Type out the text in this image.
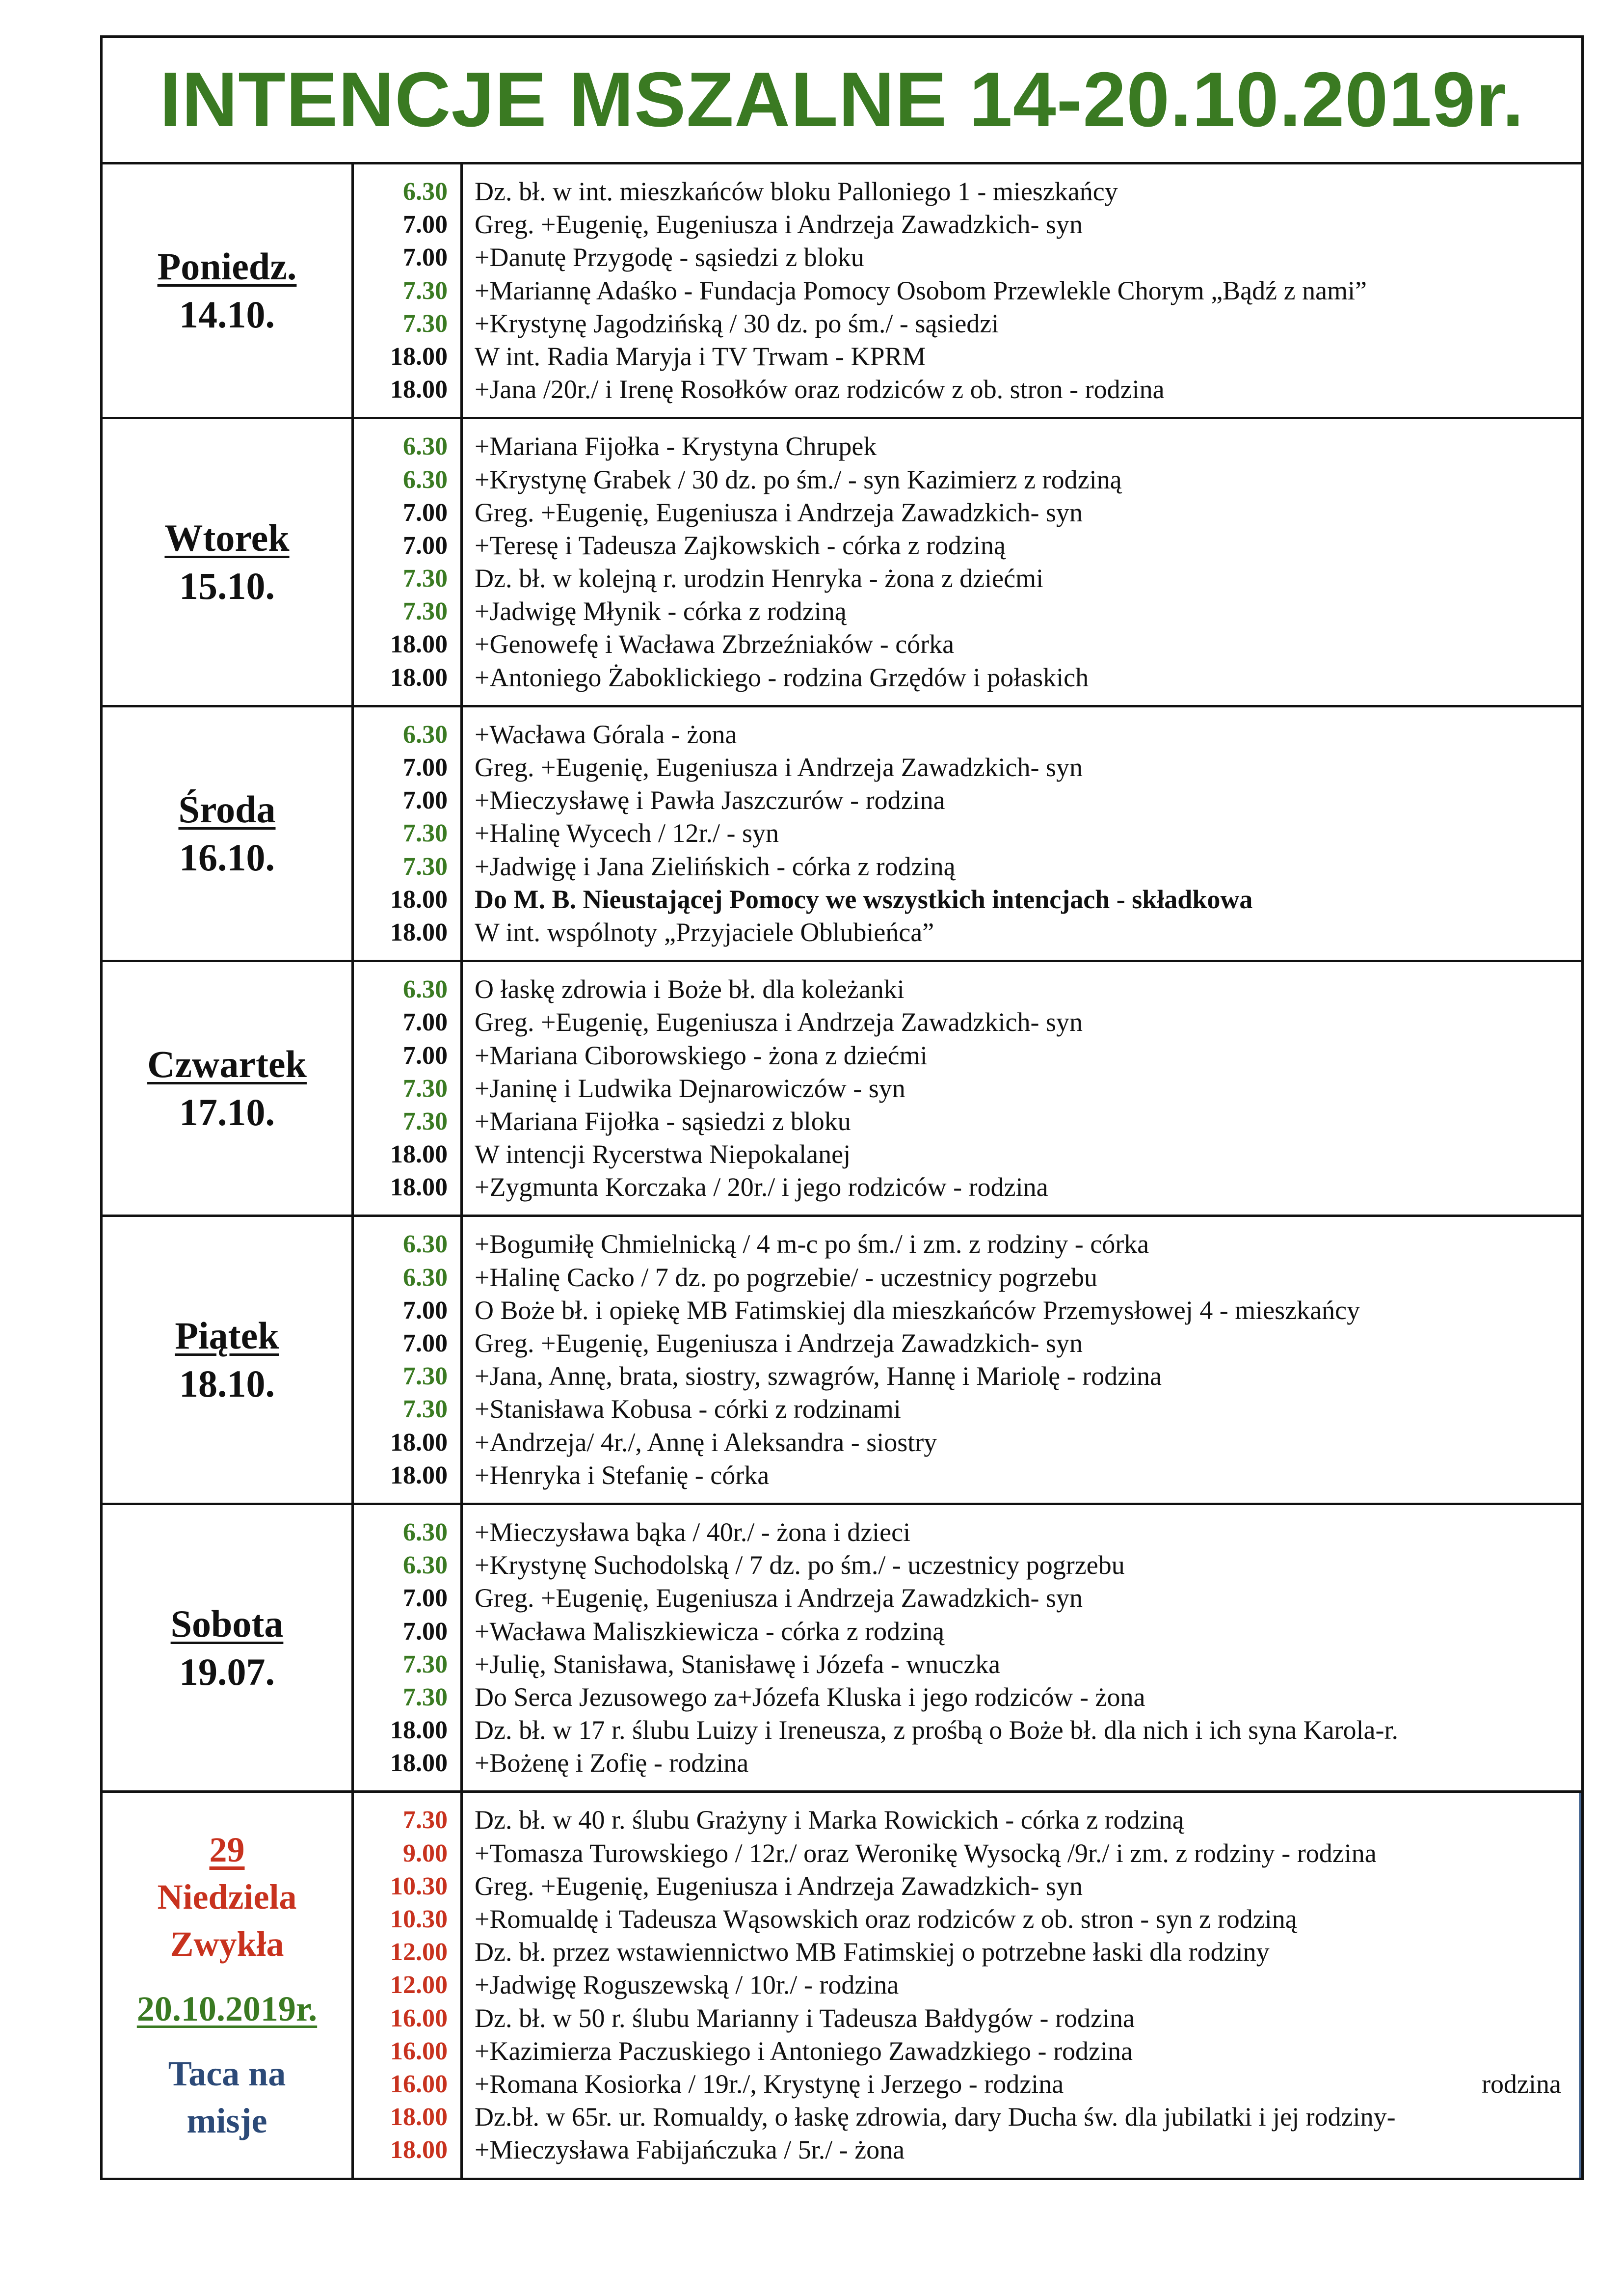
INTENCJE MSZALNE 14-20.10.2019r.
Poniedz.
14.10.
6.30
7.00
7.00
7.30
7.30
18.00
18.00
Dz. bł. w int. mieszkańców bloku Palloniego 1 - mieszkańcy
Greg. +Eugenię, Eugeniusza i Andrzeja Zawadzkich- syn
+Danutę Przygodę - sąsiedzi z bloku
+Mariannę Adaśko - Fundacja Pomocy Osobom Przewlekle Chorym „Bądź z nami”
+Krystynę Jagodzińską / 30 dz. po śm./ - sąsiedzi
W int. Radia Maryja i TV Trwam - KPRM
+Jana /20r./ i Irenę Rosołków oraz rodziców z ob. stron - rodzina
Wtorek
15.10.
6.30
6.30
7.00
7.00
7.30
7.30
18.00
18.00
+Mariana Fijołka - Krystyna Chrupek
+Krystynę Grabek / 30 dz. po śm./ - syn Kazimierz z rodziną
Greg. +Eugenię, Eugeniusza i Andrzeja Zawadzkich- syn
+Teresę i Tadeusza Zajkowskich - córka z rodziną
Dz. bł. w kolejną r. urodzin Henryka - żona z dziećmi
+Jadwigę Młynik - córka z rodziną
+Genowefę i Wacława Zbrzeźniaków - córka
+Antoniego Żaboklickiego - rodzina Grzędów i połaskich
Środa
16.10.
6.30
7.00
7.00
7.30
7.30
18.00
18.00
+Wacława Górala - żona
Greg. +Eugenię, Eugeniusza i Andrzeja Zawadzkich- syn
+Mieczysławę i Pawła Jaszczurów - rodzina
+Halinę Wycech / 12r./ - syn
+Jadwigę i Jana Zielińskich - córka z rodziną
Do M. B. Nieustającej Pomocy we wszystkich intencjach - składkowa
W int. wspólnoty „Przyjaciele Oblubieńca”
Czwartek
17.10.
6.30
7.00
7.00
7.30
7.30
18.00
18.00
O łaskę zdrowia i Boże bł. dla koleżanki
Greg. +Eugenię, Eugeniusza i Andrzeja Zawadzkich- syn
+Mariana Ciborowskiego - żona z dziećmi
+Janinę i Ludwika Dejnarowiczów - syn
+Mariana Fijołka - sąsiedzi z bloku
W intencji Rycerstwa Niepokalanej
+Zygmunta Korczaka / 20r./ i jego rodziców - rodzina
Piątek
18.10.
6.30
6.30
7.00
7.00
7.30
7.30
18.00
18.00
+Bogumiłę Chmielnicką / 4 m-c po śm./ i zm. z rodziny - córka
+Halinę Cacko / 7 dz. po pogrzebie/ - uczestnicy pogrzebu
O Boże bł. i opiekę MB Fatimskiej dla mieszkańców Przemysłowej 4 - mieszkańcy
Greg. +Eugenię, Eugeniusza i Andrzeja Zawadzkich- syn
+Jana, Annę, brata, siostry, szwagrów, Hannę i Mariolę - rodzina
+Stanisława Kobusa - córki z rodzinami
+Andrzeja/ 4r./, Annę i Aleksandra - siostry
+Henryka i Stefanię - córka
Sobota
19.07.
6.30
6.30
7.00
7.00
7.30
7.30
18.00
18.00
+Mieczysława bąka / 40r./ - żona i dzieci
+Krystynę Suchodolską / 7 dz. po śm./ - uczestnicy pogrzebu
Greg. +Eugenię, Eugeniusza i Andrzeja Zawadzkich- syn
+Wacława Maliszkiewicza - córka z rodziną
+Julię, Stanisława, Stanisławę i Józefa - wnuczka
Do Serca Jezusowego za+Józefa Kluska i jego rodziców - żona
Dz. bł. w 17 r. ślubu Luizy i Ireneusza, z prośbą o Boże bł. dla nich i ich syna Karola-r.
+Bożenę i Zofię - rodzina
29
Niedziela
Zwykła
20.10.2019r.
Taca na
misje
7.30
9.00
10.30
10.30
12.00
12.00
16.00
16.00
16.00
18.00
18.00
Dz. bł. w 40 r. ślubu Grażyny i Marka Rowickich - córka z rodziną
+Tomasza Turowskiego / 12r./ oraz Weronikę Wysocką /9r./ i zm. z rodziny - rodzina
Greg. +Eugenię, Eugeniusza i Andrzeja Zawadzkich- syn
+Romualdę i Tadeusza Wąsowskich oraz rodziców z ob. stron - syn z rodziną
Dz. bł. przez wstawiennictwo MB Fatimskiej o potrzebne łaski dla rodziny
+Jadwigę Roguszewską / 10r./ - rodzina
Dz. bł. w 50 r. ślubu Marianny i Tadeusza Bałdygów - rodzina
+Kazimierza Paczuskiego i Antoniego Zawadzkiego - rodzina
+Romana Kosiorka / 19r./, Krystynę i Jerzego - rodzina	rodzina
Dz.bł. w 65r. ur. Romualdy, o łaskę zdrowia, dary Ducha św. dla jubilatki i jej rodziny-
+Mieczysława Fabijańczuka / 5r./ - żona
